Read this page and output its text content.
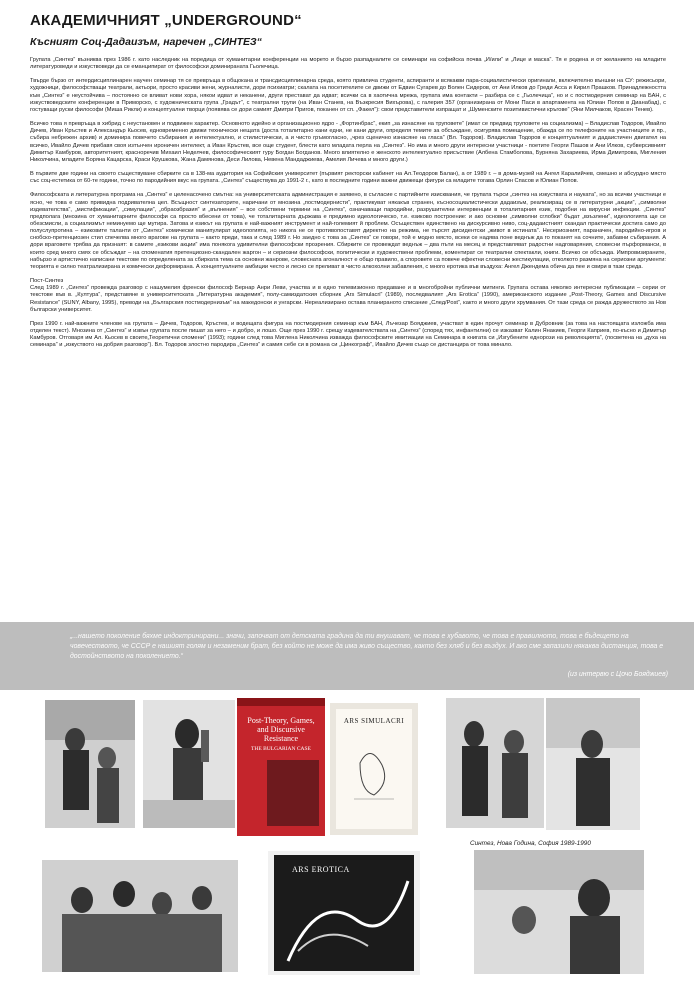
АКАДЕМИЧНИЯТ „UNDERGROUND“
Късният Соц-Дадаизъм, наречен „СИНТЕЗ“

Групата „Синтез“ възниква през 1986 г. като наследник на поредица от хуманитарни конференции на морето и бързо разпадналите се семинари на софийска почва „И/или“ и „Лице и маска“. Тя е родена и от желанието на младите литературоведи и изкуствоведи да се еманципират от философски доминираната Гьолечица.

Твърде бързо от интердисциплинарен научен семинар тя се превръща в общокана и трансдисциплинарна среда, която привлича студенти, аспиранти и всякакви пара-социалистически оригинали, включително външни на СУ: режисьори, художници, философстващи театрали, актьори, просто красиви жени, журналисти, дори психиатри; скалата на посетителите се движи от Едвин Сугарев до Волен Сидеров, от Ани Илков до Греди Асса и Кирил Прашков. Принадлежността към „Синтез“ е неустойчива – постоянно се вливат нови хора, някои идват и неканени, други престават да идват; всички са в хаотична мрежа, групата има контакти – разбира се с „Гьолечица“, но и с постмодерния семинар на БАН, с изкуствоведските конференции в Приморско, с художническата група „Градът“, с театрални трупи (на Иван Станев, на Възкресия Вихърова), с галерия 357 (организирана от Мони Паси в апартамента на Юлиан Попов в Дианабад), с гостуващи руски философи (Миша Рикли) и концептуални творци (появява се дори самият Дмитри Пригов, поканен от сп. „Факел“): свои представители изпращат и „Шуменските позитивистични кръгове“ (Яни Милчаков, Красен Тенев).

Всичко това я превръща в хибрид с неустановен и подвижен характер. Основното идейно и организационно ядро - „Фортинбрас“, екип „за изнасяне на труповете“ (имат се предвид труповете на социализма) – Владислав Тодоров, Ивайло Дичев, Иван Кръстев и Александър Кьосев, едновременно движи технически нещата (доста тоталитарно кани едни, не кани други, определя темите за обсъждане, осигурява помещение, обажда се по телефоните на участниците и пр., събира небрежен архив) и доминира повечето събирания и интелектуално, и стилистически, а и чисто гръмогласно, „чрез сценично изнасяне на гласа“ (Вл. Тодоров). Владислав Тодоров е концептуалният и дадаистичен двигател на всичко, Ивайло Дичев прибавя своя изтънчен ироничен интелект, а Иван Кръстев, все още студент, блести като младата перла на „Синтез“. Но има и много други интересни участници - поетите Георги Пашов и Ани Илков, субверсивният Димитър Камбуров, авторитетният, красноречив Михаил Неделчев, философическият гуру Богдан Богданов. Много влиятелно е женското интелектуално присъствие (Албена Стамболова, Бурняна Захариева, Ирма Димитрова, Мигления Николчина, младите Боряна Кацарска, Краси Крушкова, Жана Дамянова, Деси Лилова, Невена Мандаджиева, Амелия Личева и много други.)

В първите две години на своето съществуване сбирките са в 138-ма аудитория на Софийския университет (първият ректорски кабинет на Ал.Теодоров Балан), а от 1989 г. – в дома-музей на Ангел Каралийчев, смешно и абсурдно място със соц-естетика от 60-те години, точно по пародийния вкус на групата. „Синтез“ съществува до 1991-2 г., като в последните години важни движещи фигури са младите тогава Орлин Спасов и Юлиан Попов.

Философската и литературна програма на „Синтез“ е целенасочено смътна: на университетската администрация е заявено, в съгласие с партийните изисквания, че групата търси „синтез на изкуствата и науката“, но за всички участници е ясно, че това е само привидна подривателна цел. Всъщност синтезаторите, наричани от мнозина „постмодернисти“, практикуват някакъв странен, късносоциалистически дадаизъм, реализиращ се в литературни „акции“, „символни издевателства“, „мистификации“, „симулации“, „обраозбразия“ и „вълнения“ – все собствени термини на „Синтез“, означаващи пародийни, разрушителни интервенции в тоталитарния език, подобни на вирусни инфекции. „Синтез“ предполага (мнозина от хуманитарните философи са просто вбесени от това), че тоталитарната държава е предимно идеологическо, т.е. езиково построение: и ако основни „символни сглобки“ бъдат „взъзлени“, идеологията ще се обезсмисли, а социализмът неминуемо ще мутира. Затова и езикът на групата е най-важният инструмент и най-големият й проблем. Осъществен единствено на дискурсивно ниво, соц-дадаистният скандал практически достига само до полуслупротина – езиковите таланти от „Синтез“ комически манипулират идеологията, но никога не се противопоставят директно на режима, не търсят дисидентски „живот в истината“. Несериозният, параначен, пародийно-игров и снобско-претенциозен стил спечелва много врагове на групата – както преди, така и след 1989 г. Но заедно с това за „Синтез“ се говори, той е модно място, всеки се надява поне веднъж да го поканят на сочните, забавни събирания. А дори враговете трябва да признаят: в самите „езикови акции“ има понякога удивителни философски прозрения. Сбирките се провеждат веднъж – два пъти на месец и представляват радостни надговаряния, словесни пърформанси, в които сред много смях се обсъждат – на споменатия претенциозно-скандален жаргон – и сериозни философски, политически и художествени проблеми, коментират се театрални спектакли, книги. Всичко се обсъжда. Импровизираните, набързо и артистично написани текстове по определената за сбирката тема са основни жанрове, словесната агоналност е общо правило, а споровете са повече ефектни словесни жестикулации, отколкото размяна на сериозни аргументи: теорията е силно театрализирана и комически деформирана. А концептуалните амбиции често и лесно се преливат в чисто алкохолни забавления, с много еротика във въздуха: Ангел Джендема обича да пее и свири в тази среда.

Пост-Синтез

След 1989 г. „Синтез“ провежда разговор с нашумелия френски философ Бернар Анри Леви, участва и в едно телевизионно предаване и в многобройни публични митинги. Групата остава няколко интересни публикации – серии от текстове във в. „Култура“, представяне в университетската „Литературна академия“, полу-самиздатския сборник „Ars Simulacri“ (1989), последвалият „Ars Erotica“ (1990), американското издание „Post-Theory, Games and Discursive Resistance“ (SUNY, Albany, 1995), преводи на „Българския постмодернизъм“ на македонски и унгарски. Нереализирано остава планираното списание „След/Post“, както и много други хрумвания. От тази среда се ражда дружеството за Нов български университет.

През 1990 г. най-важните членове на групата – Дичев, Тодоров, Кръстев, и водещата фигура на постмодерния семинар към БАН, Лъчезар Бояджиев, участват в един прочут семинар в Дубровник (за това на настоящата изложба има отделен текст). Мнозина от „Синтез“ и извън групата после пишат за него – и добро, и лошо. Още през 1990 г. срещу издевателствата на „Синтез“ (според тях, инфантилни) се изказват Калин Янакиев, Георги Каприев, по-късно и Димитър Камбуров. Отговаря им Ал. Кьосев в своите„Теоретични спомени“ (1993); години след това Миглена Николчина изважда философските имитиации на Семинара в книгата си „Изгубените еднорози на революцията“, (посветена на „духа на семинара“ и „изкуството на добрия разговор“). Вл. Тодоров злостно пародира „Синтез“ и самия себе си в романа си „Цинкограф“, Ивайло Дичев също се дистанцира от това минало.

„...нашето поколение бяхме индоктринирани... значи, започват от детската градина да ти внушават, че това е хубавото, че това е правилното, това е бъдещето на човечеството, че СССР е нашият голям и незаменим брат, без който не може да има живо същество, както без хляб и без въздух. И ако сме запазили някаква дистанция, това е достойнството на поколението.“
(из интервю с Цочо Бояджиев)
Post-Theory, Games, and Discursive Resistance
THE BULGARIAN CASE
ARS SIMULACRI
ARS EROTICA
Синтез, Нова Година, София 1989-1990
